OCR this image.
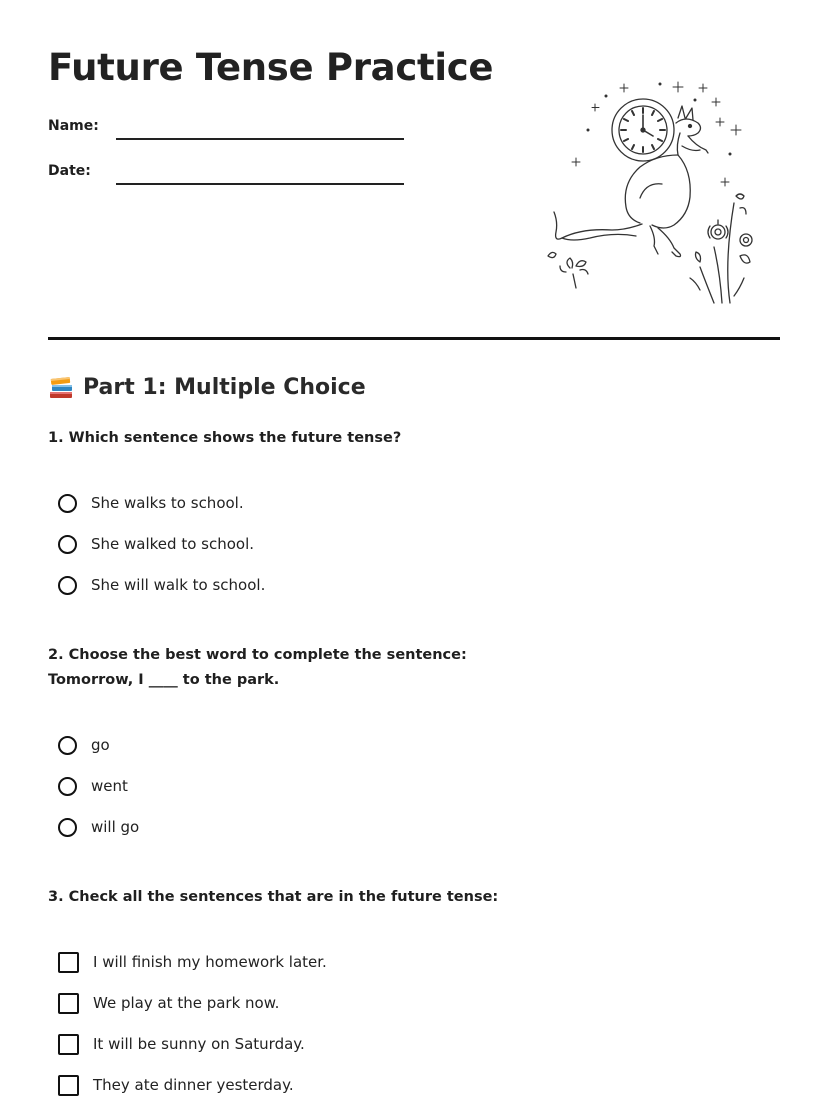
Future Tense Practice
Name:
Date:
Part 1: Multiple Choice

1. Which sentence shows the future tense?

She walks to school.
She walked to school.
She will walk to school.

2. Choose the best word to complete the sentence:
Tomorrow, I ____ to the park.

go
went
will go

3. Check all the sentences that are in the future tense:

I will finish my homework later.
We play at the park now.
It will be sunny on Saturday.
They ate dinner yesterday.
